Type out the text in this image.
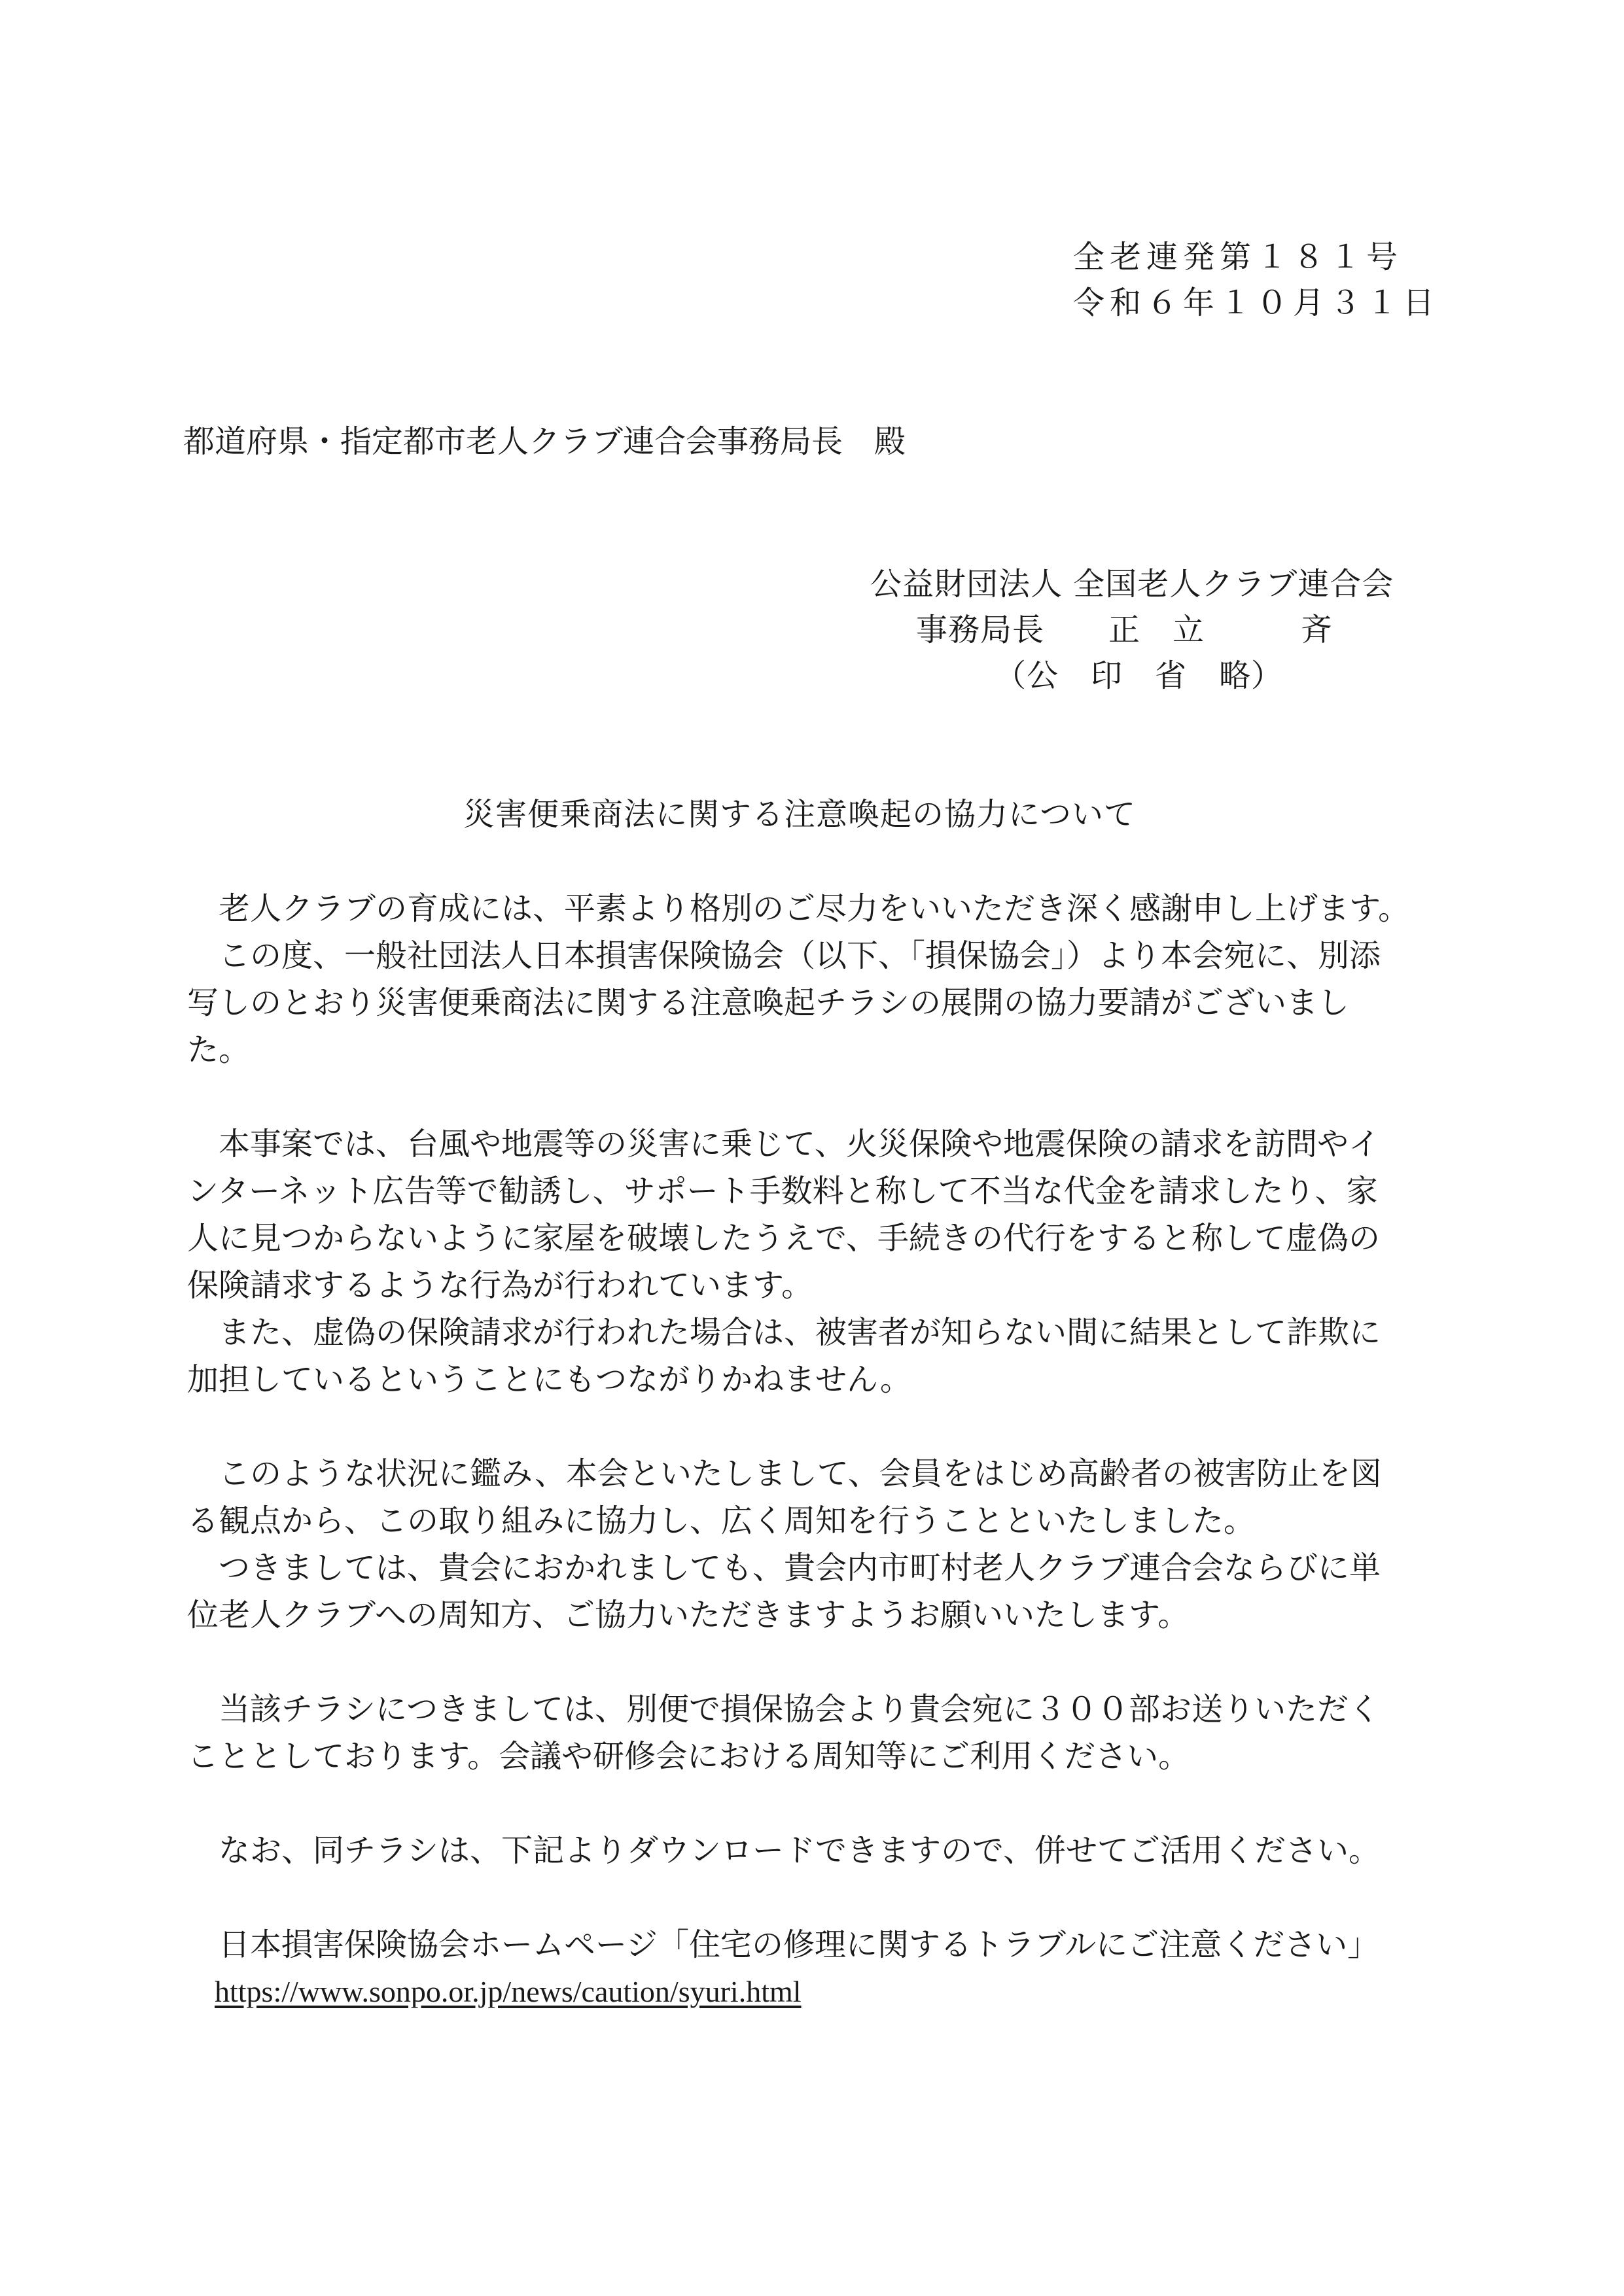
全老連発第１８１号
令和６年１０月３１日
都道府県・指定都市老人クラブ連合会事務局長　殿
公益財団法人 全国老人クラブ連合会
事務局長　　正　立　　　斉
（公　印　省　略）
災害便乗商法に関する注意喚起の協力について
　老人クラブの育成には、平素より格別のご尽力をいいただき深く感謝申し上げます。
　この度、一般社団法人日本損害保険協会（以下、「損保協会」）より本会宛に、別添
写しのとおり災害便乗商法に関する注意喚起チラシの展開の協力要請がございまし
た。
　本事案では、台風や地震等の災害に乗じて、火災保険や地震保険の請求を訪問やイ
ンターネット広告等で勧誘し、サポート手数料と称して不当な代金を請求したり、家
人に見つからないように家屋を破壊したうえで、手続きの代行をすると称して虚偽の
保険請求するような行為が行われています。
　また、虚偽の保険請求が行われた場合は、被害者が知らない間に結果として詐欺に
加担しているということにもつながりかねません。
　このような状況に鑑み、本会といたしまして、会員をはじめ高齢者の被害防止を図
る観点から、この取り組みに協力し、広く周知を行うことといたしました。
　つきましては、貴会におかれましても、貴会内市町村老人クラブ連合会ならびに単
位老人クラブへの周知方、ご協力いただきますようお願いいたします。
　当該チラシにつきましては、別便で損保協会より貴会宛に３００部お送りいただく
こととしております。会議や研修会における周知等にご利用ください。
　なお、同チラシは、下記よりダウンロードできますので、併せてご活用ください。
　日本損害保険協会ホームページ「住宅の修理に関するトラブルにご注意ください」
https://www.sonpo.or.jp/news/caution/syuri.html
